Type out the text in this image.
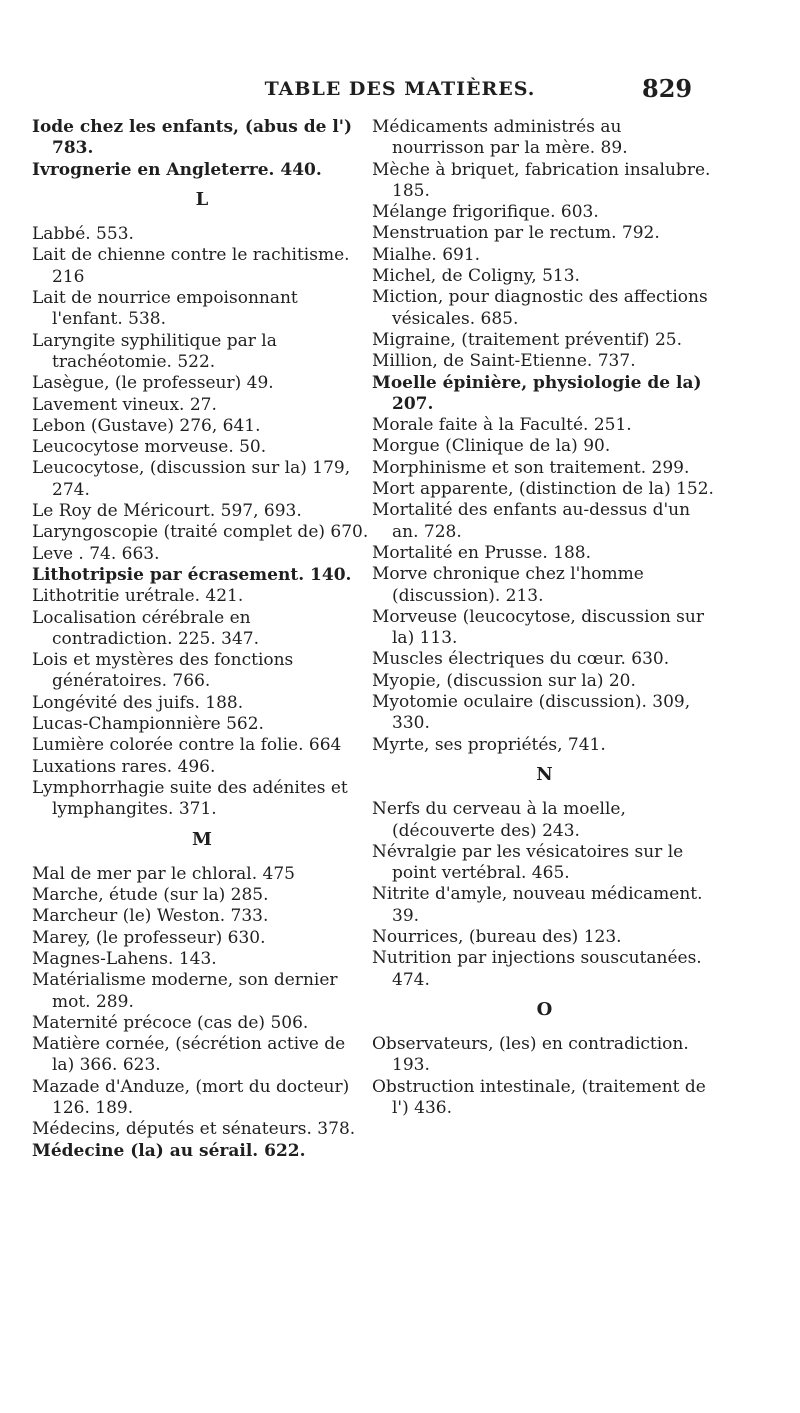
TABLE DES MATIÈRES.	829
Iode chez les enfants, (abus de l') 783.
Ivrognerie en Angleterre. 440.
L
Labbé. 553.
Lait de chienne contre le rachitisme. 216
Lait de nourrice empoisonnant l'enfant. 538.
Laryngite syphilitique par la trachéotomie. 522.
Lasègue, (le professeur) 49.
Lavement vineux. 27.
Lebon (Gustave) 276, 641.
Leucocytose morveuse. 50.
Leucocytose, (discussion sur la) 179, 274.
Le Roy de Méricourt. 597, 693.
Laryngoscopie (traité complet de) 670.
Leve . 74. 663.
Lithotripsie par écrasement. 140.
Lithotritie urétrale. 421.
Localisation cérébrale en contradiction. 225. 347.
Lois et mystères des fonctions génératoires. 766.
Longévité des juifs. 188.
Lucas-Championnière 562.
Lumière colorée contre la folie. 664
Luxations rares. 496.
Lymphorrhagie suite des adénites et lymphangites. 371.
M
Mal de mer par le chloral. 475
Marche, étude (sur la) 285.
Marcheur (le) Weston. 733.
Marey, (le professeur) 630.
Magnes-Lahens. 143.
Matérialisme moderne, son dernier mot. 289.
Maternité précoce (cas de) 506.
Matière cornée, (sécrétion active de la) 366. 623.
Mazade d'Anduze, (mort du docteur) 126. 189.
Médecins, députés et sénateurs. 378.
Médecine (la) au sérail. 622.
Médicaments administrés au nourrisson par la mère. 89.
Mèche à briquet, fabrication insalubre. 185.
Mélange frigorifique. 603.
Menstruation par le rectum. 792.
Mialhe. 691.
Michel, de Coligny, 513.
Miction, pour diagnostic des affections vésicales. 685.
Migraine, (traitement préventif) 25.
Million, de Saint-Etienne. 737.
Moelle épinière, physiologie de la) 207.
Morale faite à la Faculté. 251.
Morgue (Clinique de la) 90.
Morphinisme et son traitement. 299.
Mort apparente, (distinction de la) 152.
Mortalité des enfants au-dessus d'un an. 728.
Mortalité en Prusse. 188.
Morve chronique chez l'homme (discussion). 213.
Morveuse (leucocytose, discussion sur la) 113.
Muscles électriques du cœur. 630.
Myopie, (discussion sur la) 20.
Myotomie oculaire (discussion). 309, 330.
Myrte, ses propriétés, 741.
N
Nerfs du cerveau à la moelle, (découverte des) 243.
Névralgie par les vésicatoires sur le point vertébral. 465.
Nitrite d'amyle, nouveau médicament. 39.
Nourrices, (bureau des) 123.
Nutrition par injections souscutanées. 474.
O
Observateurs, (les) en contradiction. 193.
Obstruction intestinale, (traitement de l') 436.
